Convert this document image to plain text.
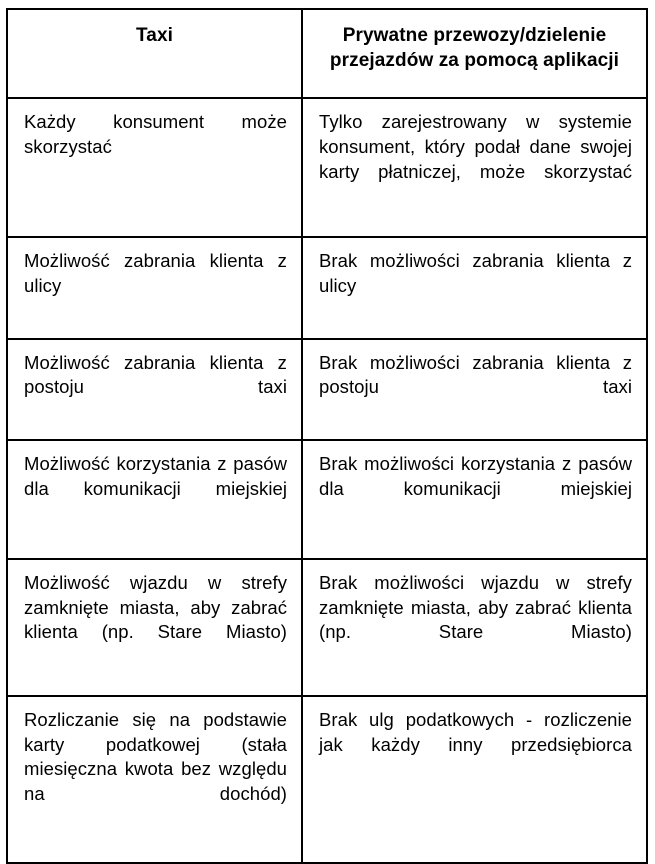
Taxi	Prywatne przewozy/dzielenie przejazdów za pomocą aplikacji

Każdy konsument może skorzystać	Tylko zarejestrowany w systemie konsument, który podał dane swojej karty płatniczej, może skorzystać

Możliwość zabrania klienta z ulicy	Brak możliwości zabrania klienta z ulicy

Możliwość zabrania klienta z postoju taxi	Brak możliwości zabrania klienta z postoju taxi

Możliwość korzystania z pasów dla komunikacji miejskiej	Brak możliwości korzystania z pasów dla komunikacji miejskiej

Możliwość wjazdu w strefy zamknięte miasta, aby zabrać klienta (np. Stare Miasto)	Brak możliwości wjazdu w strefy zamknięte miasta, aby zabrać klienta (np. Stare Miasto)

Rozliczanie się na podstawie karty podatkowej (stała miesięczna kwota bez względu na dochód)	Brak ulg podatkowych - rozliczenie jak każdy inny przedsiębiorca
